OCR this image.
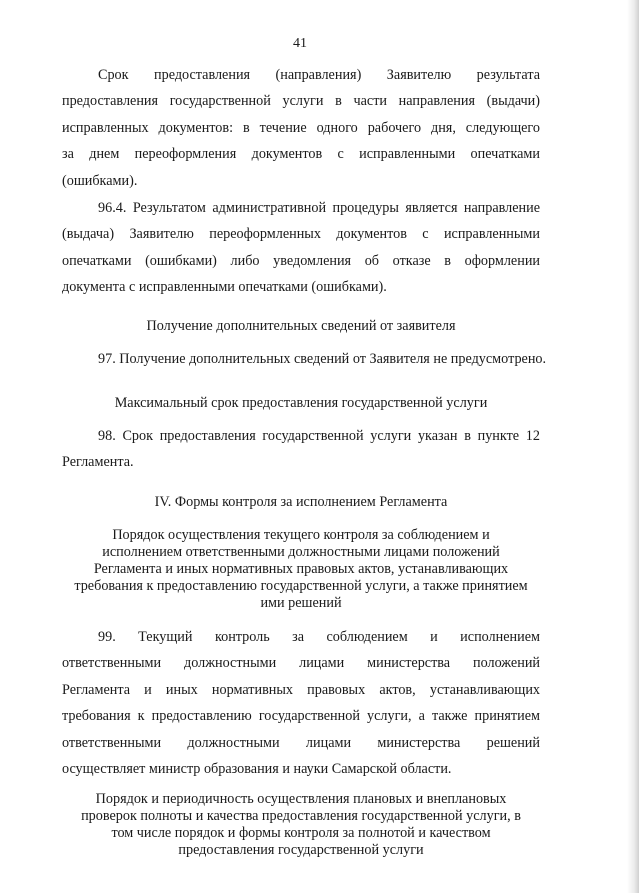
41
Срок предоставления (направления) Заявителю результата
предоставления государственной услуги в части направления (выдачи)
исправленных документов: в течение одного рабочего дня, следующего
за днем переоформления документов с исправленными опечатками
(ошибками).
96.4. Результатом административной процедуры является направление
(выдача) Заявителю переоформленных документов с исправленными
опечатками (ошибками) либо уведомления об отказе в оформлении
документа с исправленными опечатками (ошибками).
Получение дополнительных сведений от заявителя
97. Получение дополнительных сведений от Заявителя не предусмотрено.
Максимальный срок предоставления государственной услуги
98. Срок предоставления государственной услуги указан в пункте 12
Регламента.
IV. Формы контроля за исполнением Регламента
Порядок осуществления текущего контроля за соблюдением и
исполнением ответственными должностными лицами положений
Регламента и иных нормативных правовых актов, устанавливающих
требования к предоставлению государственной услуги, а также принятием
ими решений
99. Текущий контроль за соблюдением и исполнением
ответственными должностными лицами министерства положений
Регламента и иных нормативных правовых актов, устанавливающих
требования к предоставлению государственной услуги, а также принятием
ответственными должностными лицами министерства решений
осуществляет министр образования и науки Самарской области.
Порядок и периодичность осуществления плановых и внеплановых
проверок полноты и качества предоставления государственной услуги, в
том числе порядок и формы контроля за полнотой и качеством
предоставления государственной услуги
